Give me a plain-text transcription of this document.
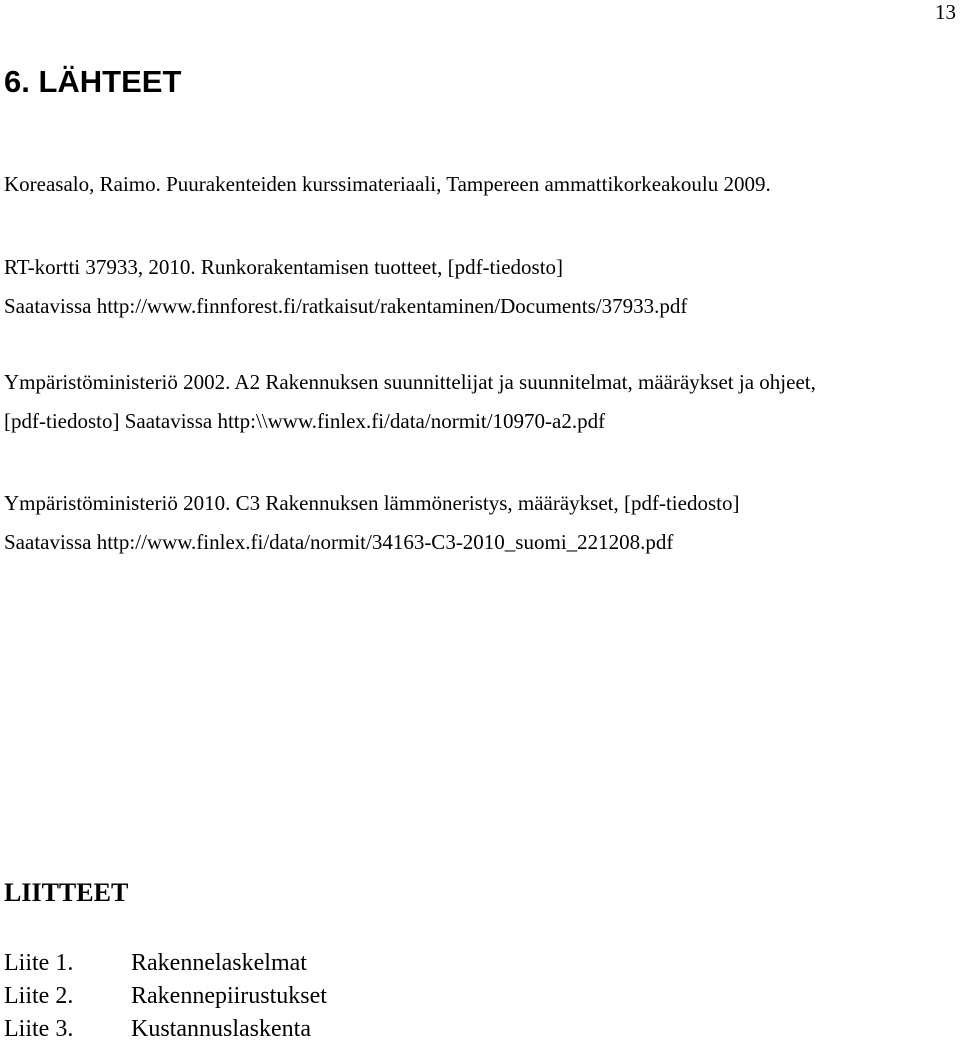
13
6. LÄHTEET

Koreasalo, Raimo. Puurakenteiden kurssimateriaali, Tampereen ammattikorkeakoulu 2009.

RT-kortti 37933, 2010. Runkorakentamisen tuotteet, [pdf-tiedosto]

Saatavissa http://www.finnforest.fi/ratkaisut/rakentaminen/Documents/37933.pdf

Ympäristöministeriö 2002. A2 Rakennuksen suunnittelijat ja suunnitelmat, määräykset ja ohjeet,

[pdf-tiedosto] Saatavissa http:\\www.finlex.fi/data/normit/10970-a2.pdf

Ympäristöministeriö 2010. C3 Rakennuksen lämmöneristys, määräykset, [pdf-tiedosto]

Saatavissa http://www.finlex.fi/data/normit/34163-C3-2010_suomi_221208.pdf

LIITTEET
Liite 1.	Rakennelaskelmat
Liite 2.	Rakennepiirustukset
Liite 3.	Kustannuslaskenta
